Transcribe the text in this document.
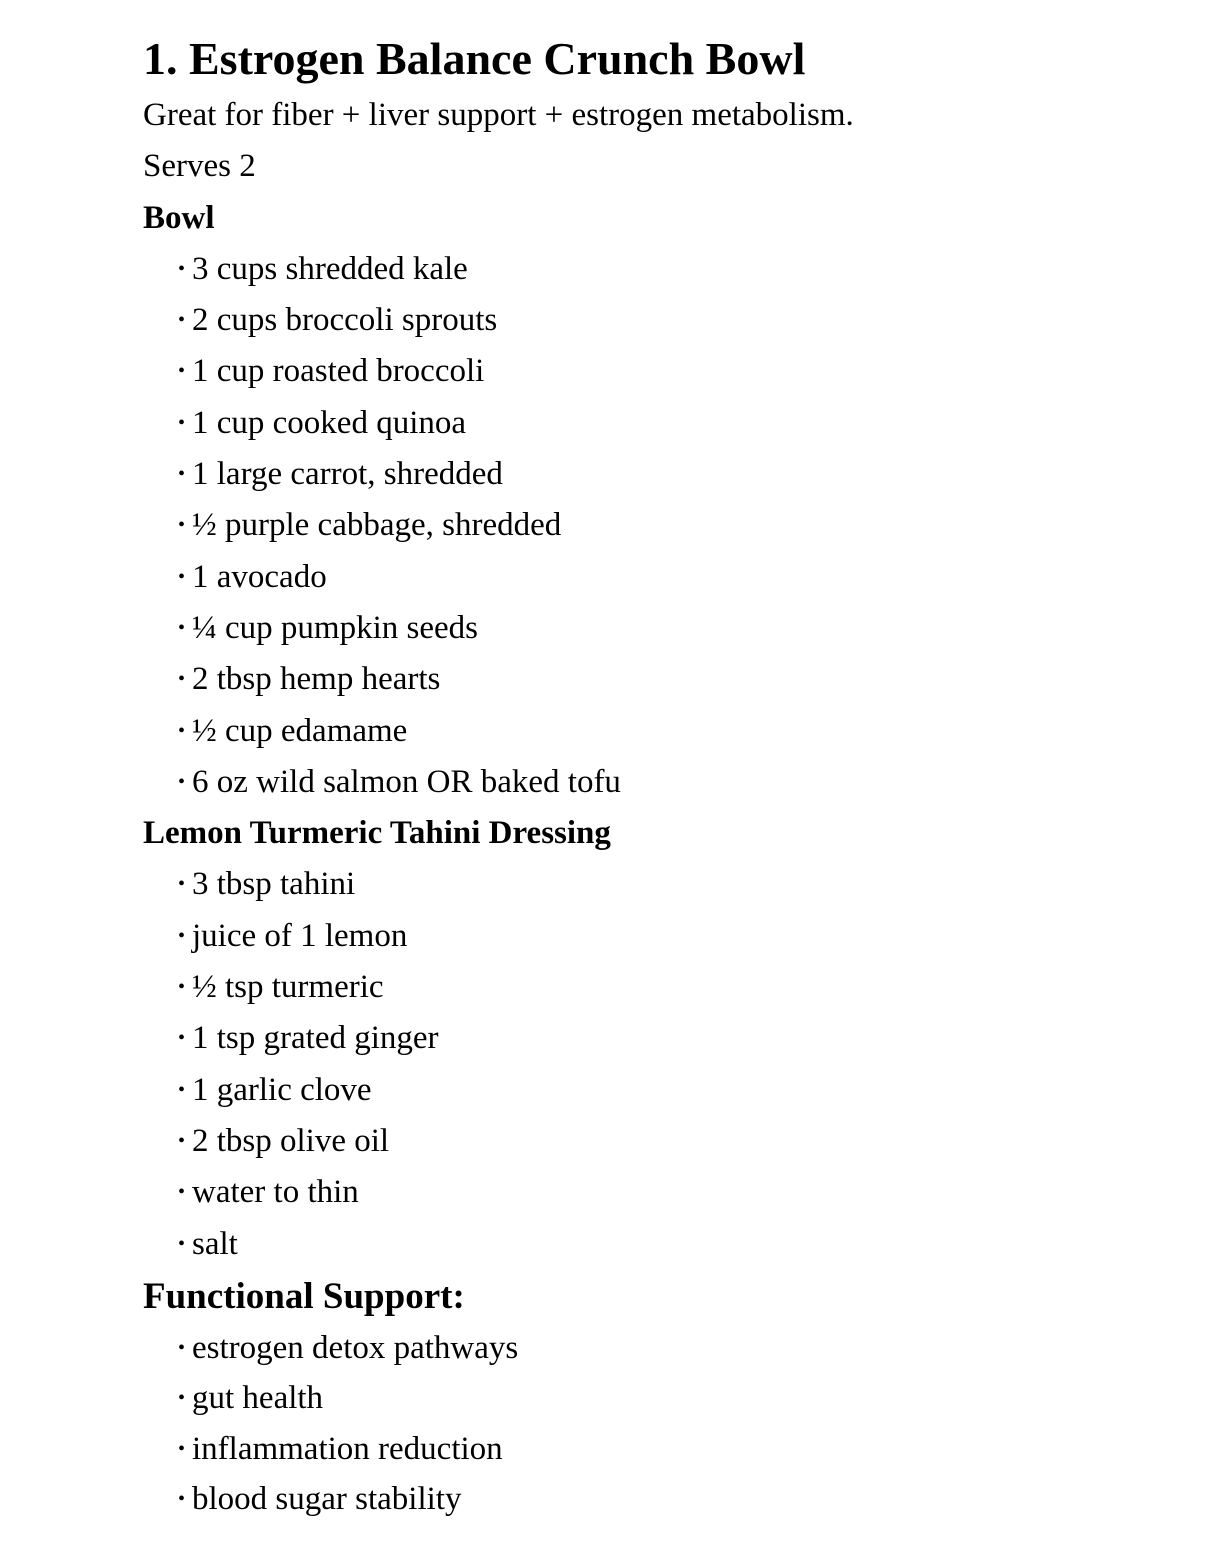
1. Estrogen Balance Crunch Bowl

Great for fiber + liver support + estrogen metabolism.

Serves 2

Bowl

• 3 cups shredded kale
• 2 cups broccoli sprouts
• 1 cup roasted broccoli
• 1 cup cooked quinoa
• 1 large carrot, shredded
• ½ purple cabbage, shredded
• 1 avocado
• ¼ cup pumpkin seeds
• 2 tbsp hemp hearts
• ½ cup edamame
• 6 oz wild salmon OR baked tofu

Lemon Turmeric Tahini Dressing

• 3 tbsp tahini
• juice of 1 lemon
• ½ tsp turmeric
• 1 tsp grated ginger
• 1 garlic clove
• 2 tbsp olive oil
• water to thin
• salt

Functional Support:

• estrogen detox pathways
• gut health
• inflammation reduction
• blood sugar stability
